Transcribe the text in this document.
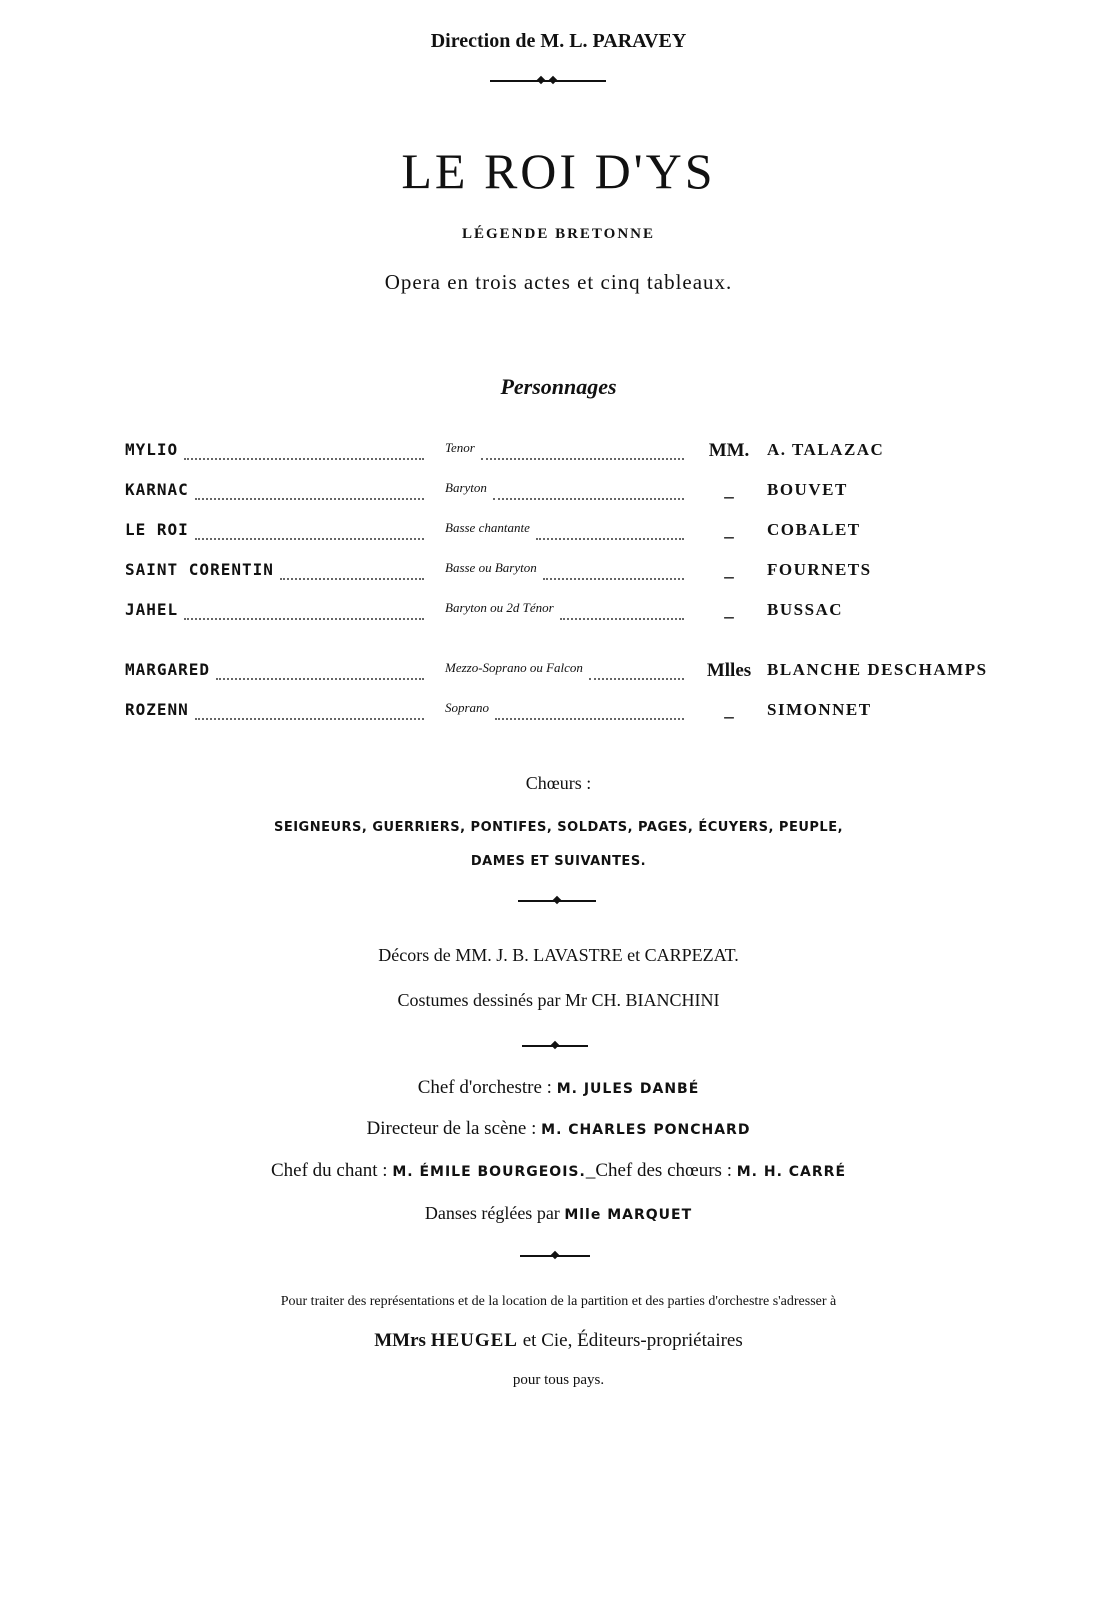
Direction de M. L. PARAVEY
LE ROI D'YS
LÉGENDE BRETONNE
Opera en trois actes et cinq tableaux.
Personnages
MYLIO	Tenor	MM. A. TALAZAC
KARNAC	Baryton	_ BOUVET
LE ROI	Basse chantante	_ COBALET
SAINT CORENTIN	Basse ou Baryton	_ FOURNETS
JAHEL	Baryton ou 2d Ténor	_ BUSSAC
MARGARED	Mezzo-Soprano ou Falcon	Mlles BLANCHE DESCHAMPS
ROZENN	Soprano	_ SIMONNET
Chœurs :
SEIGNEURS, GUERRIERS, PONTIFES, SOLDATS, PAGES, ÉCUYERS, PEUPLE,
DAMES ET SUIVANTES.
Décors de MM. J. B. LAVASTRE et CARPEZAT.
Costumes dessinés par Mr CH. BIANCHINI
Chef d'orchestre : M. JULES DANBÉ
Directeur de la scène : M. CHARLES PONCHARD
Chef du chant : M. ÉMILE BOURGEOIS._Chef des chœurs : M. H. CARRÉ
Danses réglées par Mlle MARQUET
Pour traiter des représentations et de la location de la partition et des parties d'orchestre s'adresser à
MMrs HEUGEL et Cie, Éditeurs-propriétaires
pour tous pays.
